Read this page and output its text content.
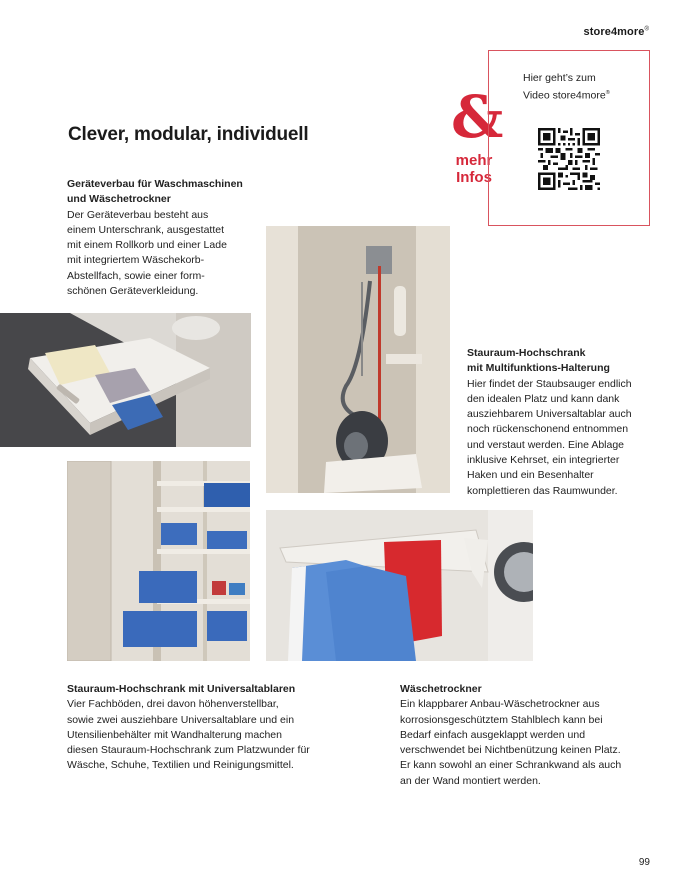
store4more®
&
mehr
Infos
Hier geht’s zum
Video store4more®
Clever, modular, individuell
Geräteverbau für Waschmaschinen
und Wäschetrockner
Der Geräteverbau besteht aus
einem Unterschrank, ausgestattet
mit einem Rollkorb und einer Lade
mit integriertem Wäschekorb-
Abstellfach, sowie einer form-
schönen Geräteverkleidung.
Stauraum-Hochschrank
mit Multifunktions-Halterung
Hier findet der Staubsauger endlich
den idealen Platz und kann dank
ausziehbarem Universaltablar auch
noch rückenschonend entnommen
und verstaut werden. Eine Ablage
inklusive Kehrset, ein integrierter
Haken und ein Besenhalter
komplettieren das Raumwunder.
Stauraum-Hochschrank mit Universaltablaren
Vier Fachböden, drei davon höhenverstellbar,
sowie zwei ausziehbare Universaltablare und ein
Utensilienbehälter mit Wandhalterung machen
diesen Stauraum-Hochschrank zum Platzwunder für
Wäsche, Schuhe, Textilien und Reinigungsmittel.
Wäschetrockner
Ein klappbarer Anbau-Wäschetrockner aus
korrosionsgeschütztem Stahlblech kann bei
Bedarf einfach ausgeklappt werden und
verschwendet bei Nichtbenützung keinen Platz.
Er kann sowohl an einer Schrankwand als auch
an der Wand montiert werden.
99
